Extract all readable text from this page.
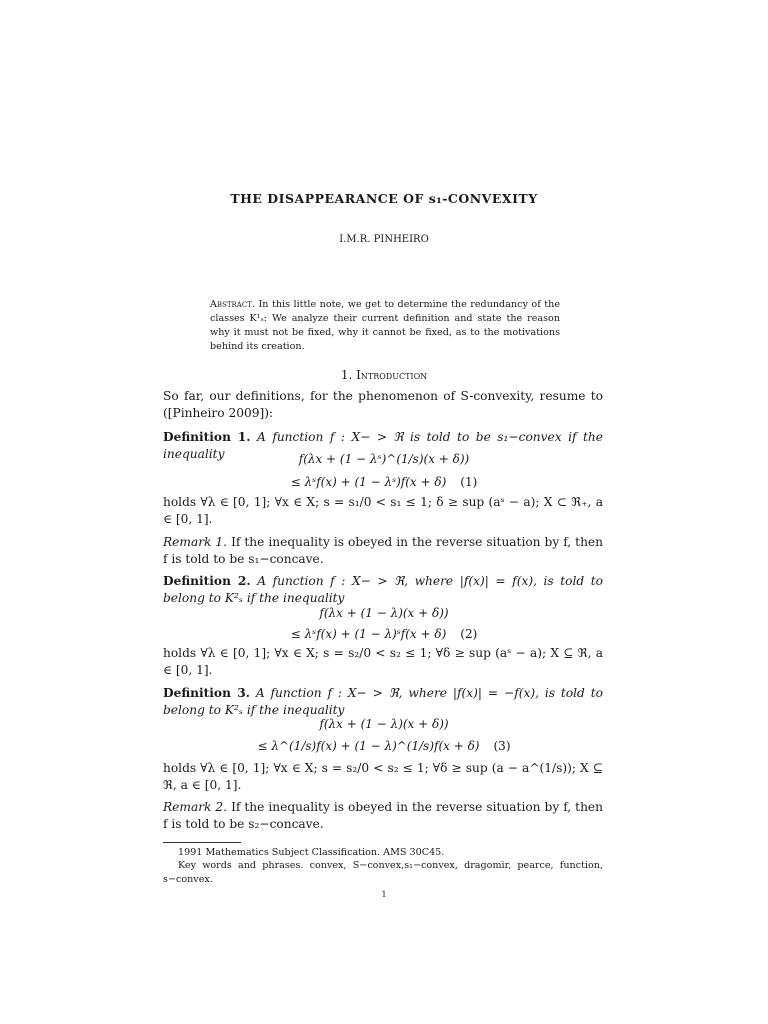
THE DISAPPEARANCE OF s₁-CONVEXITY
I.M.R. PINHEIRO
Abstract. In this little note, we get to determine the redundancy of the classes K¹ₛ: We analyze their current definition and state the reason why it must not be fixed, why it cannot be fixed, as to the motivations behind its creation.
1. Introduction
So far, our definitions, for the phenomenon of S-convexity, resume to ([Pinheiro 2009]):
Definition 1. A function f : X− > ℜ is told to be s₁−convex if the inequality	f(λx + (1 − λˢ)^(1/s)(x + δ))
≤ λˢf(x) + (1 − λˢ)f(x + δ) (1)
holds ∀λ ∈ [0, 1]; ∀x ∈ X; s = s₁/0 < s₁ ≤ 1; δ ≥ sup (aˢ − a); X ⊂ ℜ₊, a ∈ [0, 1].
Remark 1. If the inequality is obeyed in the reverse situation by f, then f is told to be s₁−concave.
Definition 2. A function f : X− > ℜ, where |f(x)| = f(x), is told to belong to K²ₛ if the inequality
f(λx + (1 − λ)(x + δ))
≤ λˢf(x) + (1 − λ)ˢf(x + δ) (2)
holds ∀λ ∈ [0, 1]; ∀x ∈ X; s = s₂/0 < s₂ ≤ 1; ∀δ ≥ sup (aˢ − a); X ⊆ ℜ, a ∈ [0, 1].
Definition 3. A function f : X− > ℜ, where |f(x)| = −f(x), is told to belong to K²ₛ if the inequality
f(λx + (1 − λ)(x + δ))
≤ λ^(1/s)f(x) + (1 − λ)^(1/s)f(x + δ) (3)
holds ∀λ ∈ [0, 1]; ∀x ∈ X; s = s₂/0 < s₂ ≤ 1; ∀δ ≥ sup (a − a^(1/s)); X ⊆ ℜ, a ∈ [0, 1].
Remark 2. If the inequality is obeyed in the reverse situation by f, then f is told to be s₂−concave.
1991 Mathematics Subject Classification. AMS 30C45.
Key words and phrases. convex, S−convex,s₁−convex, dragomir, pearce, function, s−convex.
1
